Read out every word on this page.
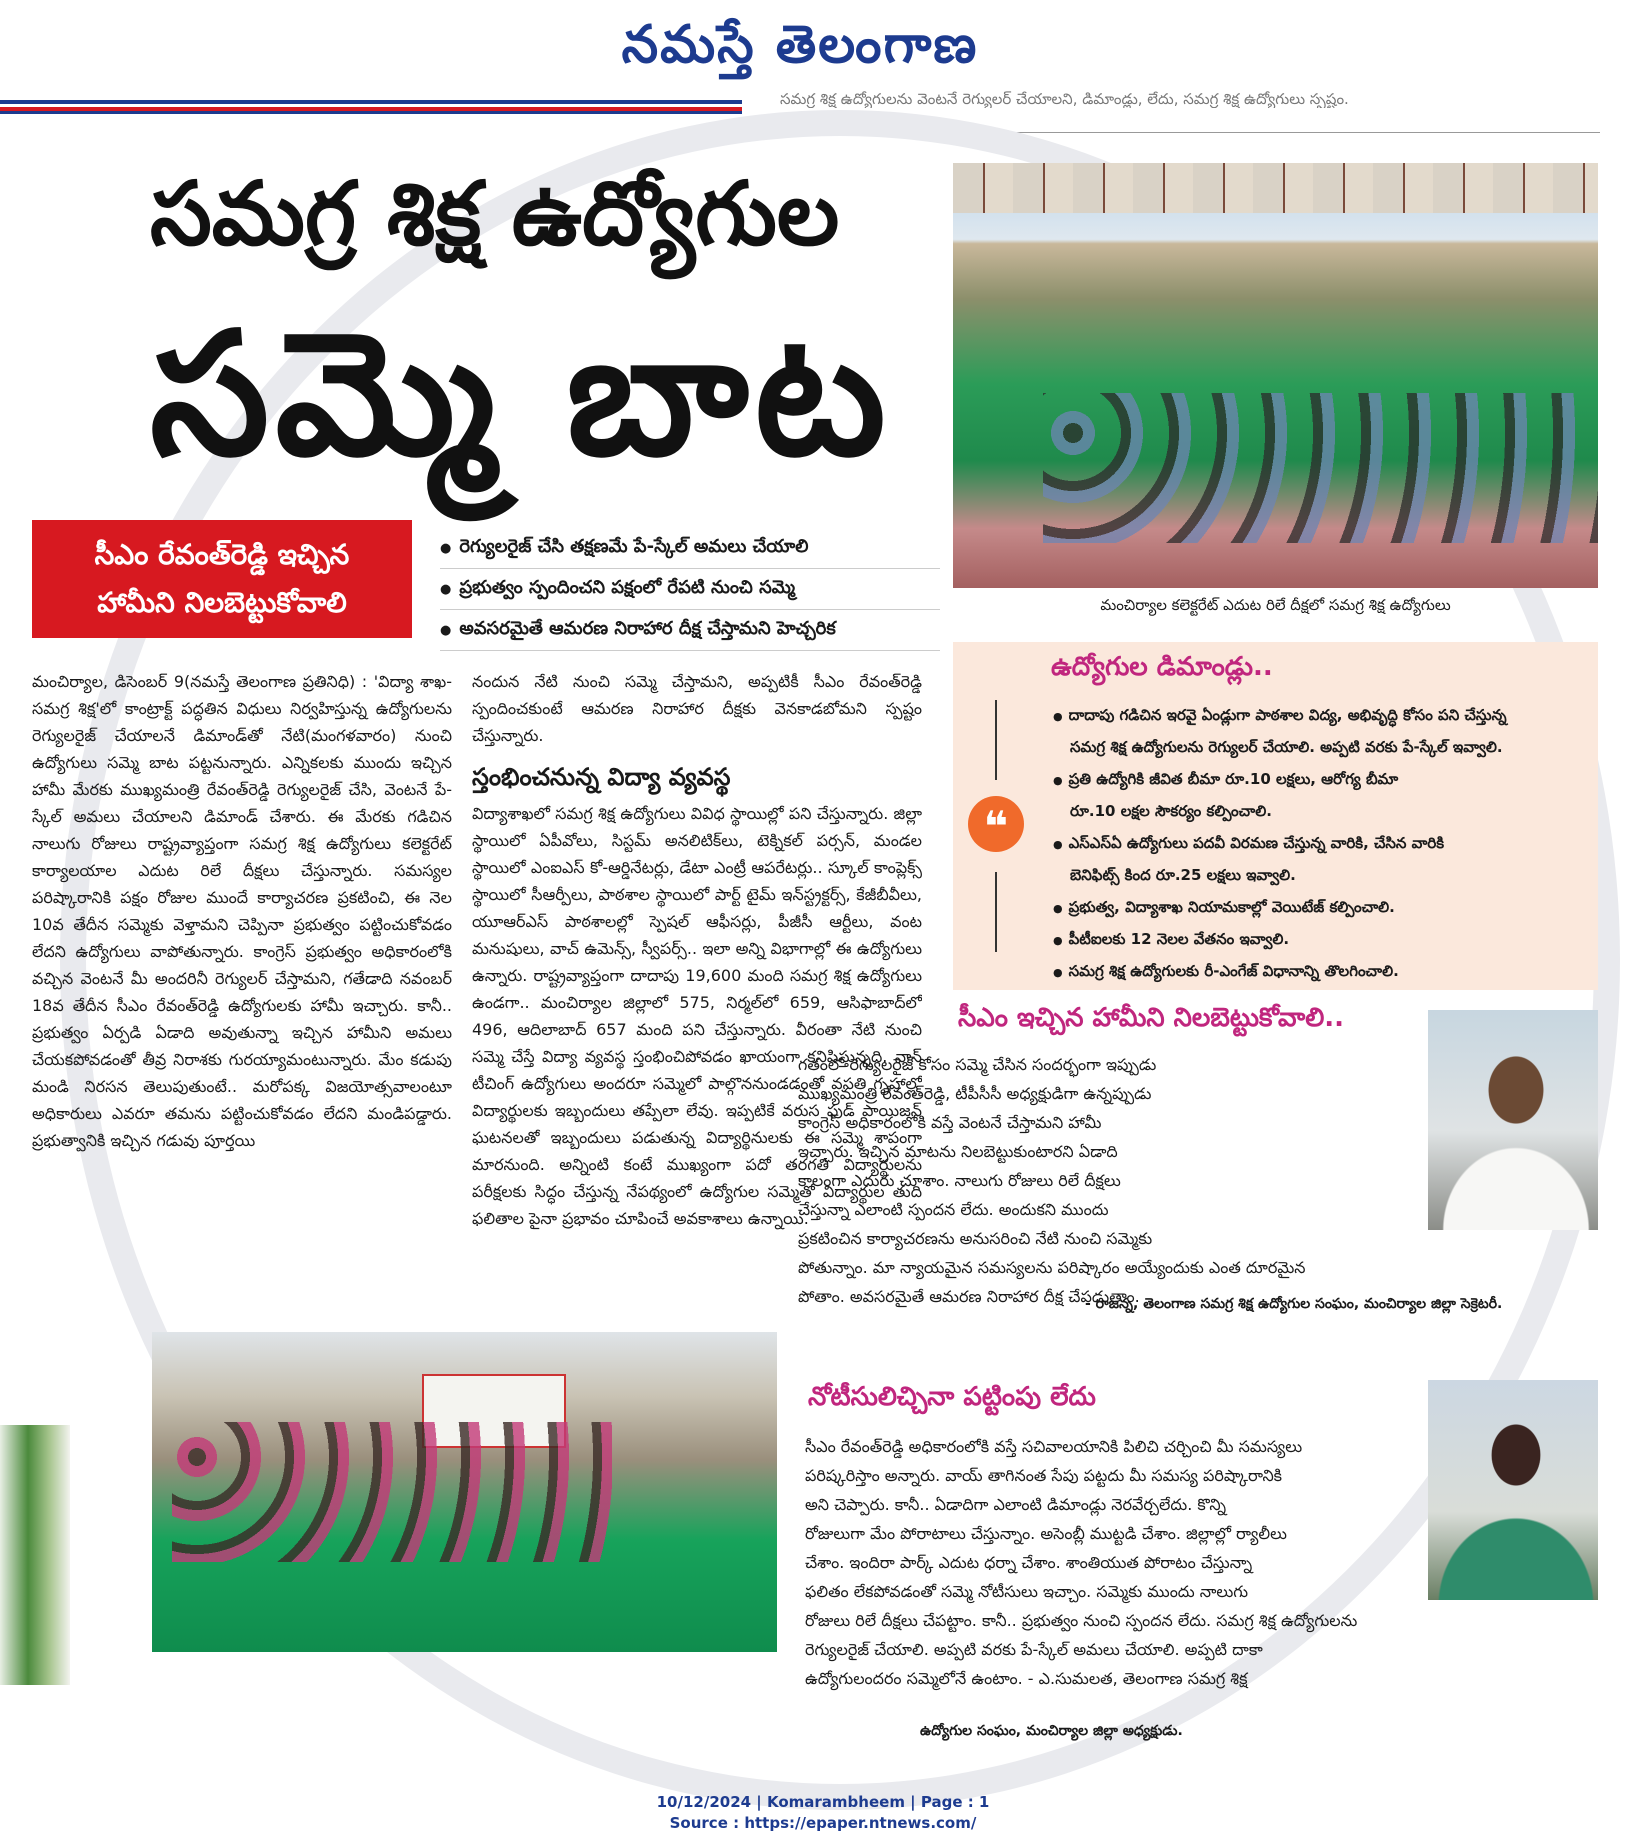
నమస్తే తెలంగాణ
సమగ్ర శిక్ష ఉద్యోగులను వెంటనే రెగ్యులర్ చేయాలని, డిమాండ్లు, లేదు, సమగ్ర శిక్ష ఉద్యోగులు స్పష్టం.
సమగ్ర శిక్ష ఉద్యోగుల
సమ్మె బాట
సీఎం రేవంత్‌రెడ్డి ఇచ్చిన
హామీని నిలబెట్టుకోవాలి
● రెగ్యులరైజ్ చేసి తక్షణమే పే-స్కేల్ అమలు చేయాలి
● ప్రభుత్వం స్పందించని పక్షంలో రేపటి నుంచి సమ్మె
● అవసరమైతే ఆమరణ నిరాహార దీక్ష చేస్తామని హెచ్చరిక
మంచిర్యాల, డిసెంబర్ 9(నమస్తే తెలంగాణ ప్రతినిధి) : 'విద్యా శాఖ-సమగ్ర శిక్ష'లో కాంట్రాక్ట్ పద్ధతిన విధులు నిర్వహిస్తున్న ఉద్యోగులను రెగ్యులరైజ్ చేయాలనే డిమాండ్‌తో నేటి(మంగళవారం) నుంచి ఉద్యోగులు సమ్మె బాట పట్టనున్నారు. ఎన్నికలకు ముందు ఇచ్చిన హామీ మేరకు ముఖ్యమంత్రి రేవంత్‌రెడ్డి రెగ్యులరైజ్ చేసి, వెంటనే పే-స్కేల్ అమలు చేయాలని డిమాండ్ చేశారు. ఈ మేరకు గడిచిన నాలుగు రోజులు రాష్ట్రవ్యాప్తంగా సమగ్ర శిక్ష ఉద్యోగులు కలెక్టరేట్ కార్యాలయాల ఎదుట రిలే దీక్షలు చేస్తున్నారు. సమస్యల పరిష్కారానికి పక్షం రోజుల ముందే కార్యాచరణ ప్రకటించి, ఈ నెల 10వ తేదీన సమ్మెకు వెళ్తామని చెప్పినా ప్రభుత్వం పట్టించుకోవడం లేదని ఉద్యోగులు వాపోతున్నారు. కాంగ్రెస్ ప్రభుత్వం అధికారంలోకి వచ్చిన వెంటనే మీ అందరినీ రెగ్యులర్ చేస్తామని, గతేడాది నవంబర్ 18వ తేదీన సీఎం రేవంత్‌రెడ్డి ఉద్యోగులకు హామీ ఇచ్చారు. కానీ.. ప్రభుత్వం ఏర్పడి ఏడాది అవుతున్నా ఇచ్చిన హామీని అమలు చేయకపోవడంతో తీవ్ర నిరాశకు గురయ్యామంటున్నారు. మేం కడుపు మండి నిరసన తెలుపుతుంటే.. మరోపక్క విజయోత్సవాలంటూ అధికారులు ఎవరూ తమను పట్టించుకోవడం లేదని మండిపడ్డారు. ప్రభుత్వానికి ఇచ్చిన గడువు పూర్తయి
నందున నేటి నుంచి సమ్మె చేస్తామని, అప్పటికీ సీఎం రేవంత్‌రెడ్డి స్పందించకుంటే ఆమరణ నిరాహార దీక్షకు వెనకాడబోమని స్పష్టం చేస్తున్నారు.
స్తంభించనున్న విద్యా వ్యవస్థ
విద్యాశాఖలో సమగ్ర శిక్ష ఉద్యోగులు వివిధ స్థాయిల్లో పని చేస్తున్నారు. జిల్లా స్థాయిలో ఏపీవోలు, సిస్టమ్ అనలిటిక్‌లు, టెక్నికల్ పర్సన్, మండల స్థాయిలో ఎంఐఎస్ కో-ఆర్డినేటర్లు, డేటా ఎంట్రీ ఆపరేటర్లు.. స్కూల్ కాంప్లెక్స్ స్థాయిలో సీఆర్పీలు, పాఠశాల స్థాయిలో పార్ట్ టైమ్ ఇన్‌స్ట్రక్టర్స్, కేజీబీవీలు, యూఆర్‌ఎస్ పాఠశాలల్లో స్పెషల్ ఆఫీసర్లు, పీజీసీ ఆర్టీలు, వంట మనుషులు, వాచ్ ఉమెన్స్, స్వీపర్స్.. ఇలా అన్ని విభాగాల్లో ఈ ఉద్యోగులు ఉన్నారు. రాష్ట్రవ్యాప్తంగా దాదాపు 19,600 మంది సమగ్ర శిక్ష ఉద్యోగులు ఉండగా.. మంచిర్యాల జిల్లాలో 575, నిర్మల్‌లో 659, ఆసిఫాబాద్‌లో 496, ఆదిలాబాద్ 657 మంది పని చేస్తున్నారు. వీరంతా నేటి నుంచి సమ్మె చేస్తే విద్యా వ్యవస్థ స్తంభించిపోవడం ఖాయంగా కనిపిస్తున్నది. నాన్ టీచింగ్ ఉద్యోగులు అందరూ సమ్మెలో పాల్గొననుండడంతో వసతి గృహాల్లో విద్యార్థులకు ఇబ్బందులు తప్పేలా లేవు. ఇప్పటికే వరుస ఫుడ్ పాయిజన్ ఘటనలతో ఇబ్బందులు పడుతున్న విద్యార్థినులకు ఈ సమ్మె శాపంగా మారనుంది. అన్నింటి కంటే ముఖ్యంగా పదో తరగతి విద్యార్థులను పరీక్షలకు సిద్ధం చేస్తున్న నేపథ్యంలో ఉద్యోగుల సమ్మెతో విద్యార్థుల తుది ఫలితాల పైనా ప్రభావం చూపించే అవకాశాలు ఉన్నాయి.
మంచిర్యాల కలెక్టరేట్ ఎదుట రిలే దీక్షలో సమగ్ర శిక్ష ఉద్యోగులు
ఉద్యోగుల డిమాండ్లు..
● దాదాపు గడిచిన ఇరవై ఏండ్లుగా పాఠశాల విద్య, అభివృద్ధి కోసం పని చేస్తున్న
సమగ్ర శిక్ష ఉద్యోగులను రెగ్యులర్ చేయాలి. అప్పటి వరకు పే-స్కేల్ ఇవ్వాలి.
● ప్రతి ఉద్యోగికి జీవిత బీమా రూ.10 లక్షలు, ఆరోగ్య బీమా
రూ.10 లక్షల సౌకర్యం కల్పించాలి.
● ఎస్‌ఎస్‌ఏ ఉద్యోగులు పదవీ విరమణ చేస్తున్న వారికి, చేసిన వారికి
బెనిఫిట్స్ కింద రూ.25 లక్షలు ఇవ్వాలి.
● ప్రభుత్వ, విద్యాశాఖ నియామకాల్లో వెయిటేజ్ కల్పించాలి.
● పీటీఐలకు 12 నెలల వేతనం ఇవ్వాలి.
● సమగ్ర శిక్ష ఉద్యోగులకు రీ-ఎంగేజ్ విధానాన్ని తొలగించాలి.
❝
సీఎం ఇచ్చిన హామీని నిలబెట్టుకోవాలి..
గతంలో రెగ్యులరైజ్ కోసం సమ్మె చేసిన సందర్భంగా ఇప్పుడు
ముఖ్యమంత్రి రేవంత్‌రెడ్డి, టీపీసీసీ అధ్యక్షుడిగా ఉన్నప్పుడు
కాంగ్రెస్ అధికారంలోకి వస్తే వెంటనే చేస్తామని హామీ
ఇచ్చారు. ఇచ్చిన మాటను నిలబెట్టుకుంటారని ఏడాది
కాలంగా ఎదురు చూశాం. నాలుగు రోజులు రిలే దీక్షలు
చేస్తున్నా ఎలాంటి స్పందన లేదు. అందుకని ముందు
ప్రకటించిన కార్యాచరణను అనుసరించి నేటి నుంచి సమ్మెకు
పోతున్నాం. మా న్యాయమైన సమస్యలను పరిష్కారం అయ్యేందుకు ఎంత దూరమైన
పోతాం. అవసరమైతే ఆమరణ నిరాహార దీక్ష చేపడుతాం.
- రాజన్న, తెలంగాణ సమగ్ర శిక్ష ఉద్యోగుల సంఘం, మంచిర్యాల జిల్లా సెక్రెటరీ.
నోటీసులిచ్చినా పట్టింపు లేదు
సీఎం రేవంత్‌రెడ్డి అధికారంలోకి వస్తే సచివాలయానికి పిలిచి చర్చించి మీ సమస్యలు
పరిష్కరిస్తాం అన్నారు. వాయ్ తాగినంత సేపు పట్టదు మీ సమస్య పరిష్కారానికి
అని చెప్పారు. కానీ.. ఏడాదిగా ఎలాంటి డిమాండ్లు నెరవేర్చలేదు. కొన్ని
రోజులుగా మేం పోరాటాలు చేస్తున్నాం. అసెంబ్లీ ముట్టడి చేశాం. జిల్లాల్లో ర్యాలీలు
చేశాం. ఇందిరా పార్క్ ఎదుట ధర్నా చేశాం. శాంతియుత పోరాటం చేస్తున్నా
ఫలితం లేకపోవడంతో సమ్మె నోటీసులు ఇచ్చాం. సమ్మెకు ముందు నాలుగు
రోజులు రిలే దీక్షలు చేపట్టాం. కానీ.. ప్రభుత్వం నుంచి స్పందన లేదు. సమగ్ర శిక్ష ఉద్యోగులను
రెగ్యులరైజ్ చేయాలి. అప్పటి వరకు పే-స్కేల్ అమలు చేయాలి. అప్పటి దాకా
ఉద్యోగులందరం సమ్మెలోనే ఉంటాం. - ఎ.సుమలత, తెలంగాణ సమగ్ర శిక్ష
ఉద్యోగుల సంఘం, మంచిర్యాల జిల్లా అధ్యక్షుడు.
10/12/2024 | Komarambheem | Page : 1
Source : https://epaper.ntnews.com/
